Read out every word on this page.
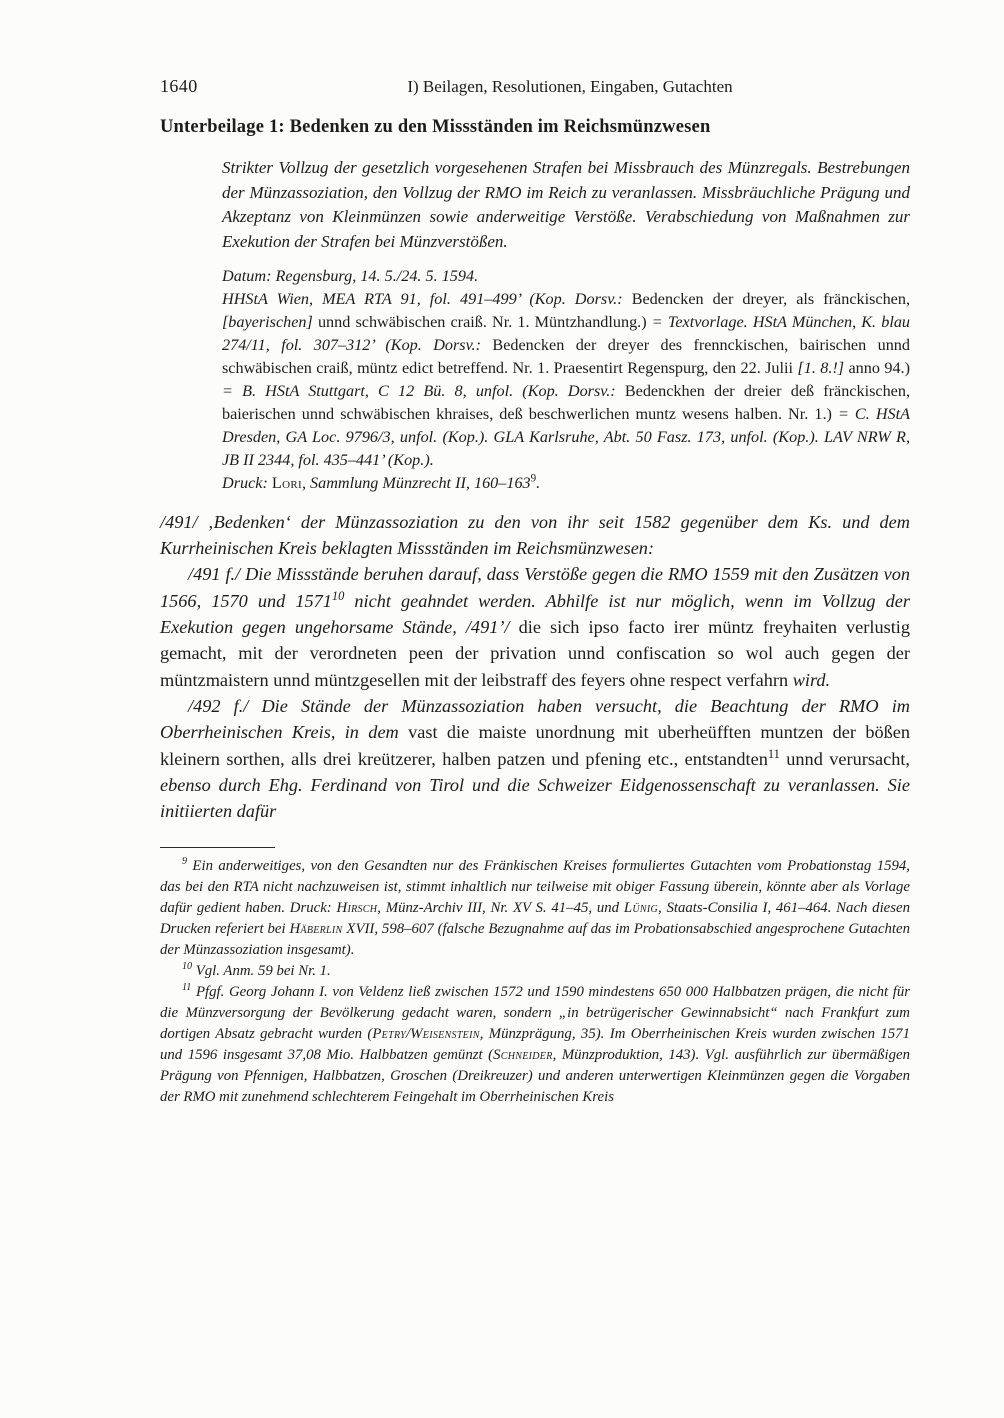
1640	I) Beilagen, Resolutionen, Eingaben, Gutachten
Unterbeilage 1: Bedenken zu den Missständen im Reichsmünzwesen

Strikter Vollzug der gesetzlich vorgesehenen Strafen bei Missbrauch des Münzregals. Bestrebungen der Münzassoziation, den Vollzug der RMO im Reich zu veranlassen. Missbräuchliche Prägung und Akzeptanz von Kleinmünzen sowie anderweitige Verstöße. Verabschiedung von Maßnahmen zur Exekution der Strafen bei Münzverstößen.

Datum: Regensburg, 14. 5./24. 5. 1594.

HHStA Wien, MEA RTA 91, fol. 491–499’ (Kop. Dorsv.: Bedencken der dreyer, als fränckischen, [bayerischen] unnd schwäbischen craiß. Nr. 1. Müntzhandlung.) = Textvorlage. HStA München, K. blau 274/11, fol. 307–312’ (Kop. Dorsv.: Bedencken der dreyer des frennckischen, bairischen unnd schwäbischen craiß, müntz edict betreffend. Nr. 1. Praesentirt Regenspurg, den 22. Julii [1. 8.!] anno 94.) = B. HStA Stuttgart, C 12 Bü. 8, unfol. (Kop. Dorsv.: Bedenckhen der dreier deß fränckischen, baierischen unnd schwäbischen khraises, deß beschwerlichen muntz wesens halben. Nr. 1.) = C. HStA Dresden, GA Loc. 9796/3, unfol. (Kop.). GLA Karlsruhe, Abt. 50 Fasz. 173, unfol. (Kop.). LAV NRW R, JB II 2344, fol. 435–441’ (Kop.).

Druck: Lori, Sammlung Münzrecht II, $160-163^9$.

/491/ ‚Bedenken‘ der Münzassoziation zu den von ihr seit 1582 gegenüber dem Ks. und dem Kurrheinischen Kreis beklagten Missständen im Reichsmünzwesen:

/491 f./ Die Missstände beruhen darauf, dass Verstöße gegen die RMO 1559 mit den Zusätzen von 1566, 1570 und 1571$^{10}$ nicht geahndet werden. Abhilfe ist nur möglich, wenn im Vollzug der Exekution gegen ungehorsame Stände, /491’/ die sich ipso facto irer müntz freyhaiten verlustig gemacht, mit der verordneten peen der privation unnd confiscation so wol auch gegen der müntzmaistern unnd müntzgesellen mit der leibstraff des feyers ohne respect verfahrn wird.

/492 f./ Die Stände der Münzassoziation haben versucht, die Beachtung der RMO im Oberrheinischen Kreis, in dem vast die maiste unordnung mit uberheüfften muntzen der bößen kleinern sorthen, alls drei kreützerer, halben patzen und pfening etc., entstandten$^{11}$ unnd verursacht, ebenso durch Ehg. Ferdinand von Tirol und die Schweizer Eidgenossenschaft zu veranlassen. Sie initiierten dafür

$^9$ Ein anderweitiges, von den Gesandten nur des Fränkischen Kreises formuliertes Gutachten vom Probationstag 1594, das bei den RTA nicht nachzuweisen ist, stimmt inhaltlich nur teilweise mit obiger Fassung überein, könnte aber als Vorlage dafür gedient haben. Druck: Hirsch, Münz-Archiv III, Nr. XV S. 41–45, und Lünig, Staats-Consilia I, 461–464. Nach diesen Drucken referiert bei Häberlin XVII, 598–607 (falsche Bezugnahme auf das im Probationsabschied angesprochene Gutachten der Münzassoziation insgesamt).

$^{10}$ Vgl. Anm. 59 bei Nr. 1.

$^{11}$ Pfgf. Georg Johann I. von Veldenz ließ zwischen 1572 und 1590 mindestens 650 000 Halbbatzen prägen, die nicht für die Münzversorgung der Bevölkerung gedacht waren, sondern „in betrügerischer Gewinnabsicht“ nach Frankfurt zum dortigen Absatz gebracht wurden (Petry/Weisenstein, Münzprägung, 35). Im Oberrheinischen Kreis wurden zwischen 1571 und 1596 insgesamt 37,08 Mio. Halbbatzen gemünzt (Schneider, Münzproduktion, 143). Vgl. ausführlich zur übermäßigen Prägung von Pfennigen, Halbbatzen, Groschen (Dreikreuzer) und anderen unterwertigen Kleinmünzen gegen die Vorgaben der RMO mit zunehmend schlechterem Feingehalt im Oberrheinischen Kreis
